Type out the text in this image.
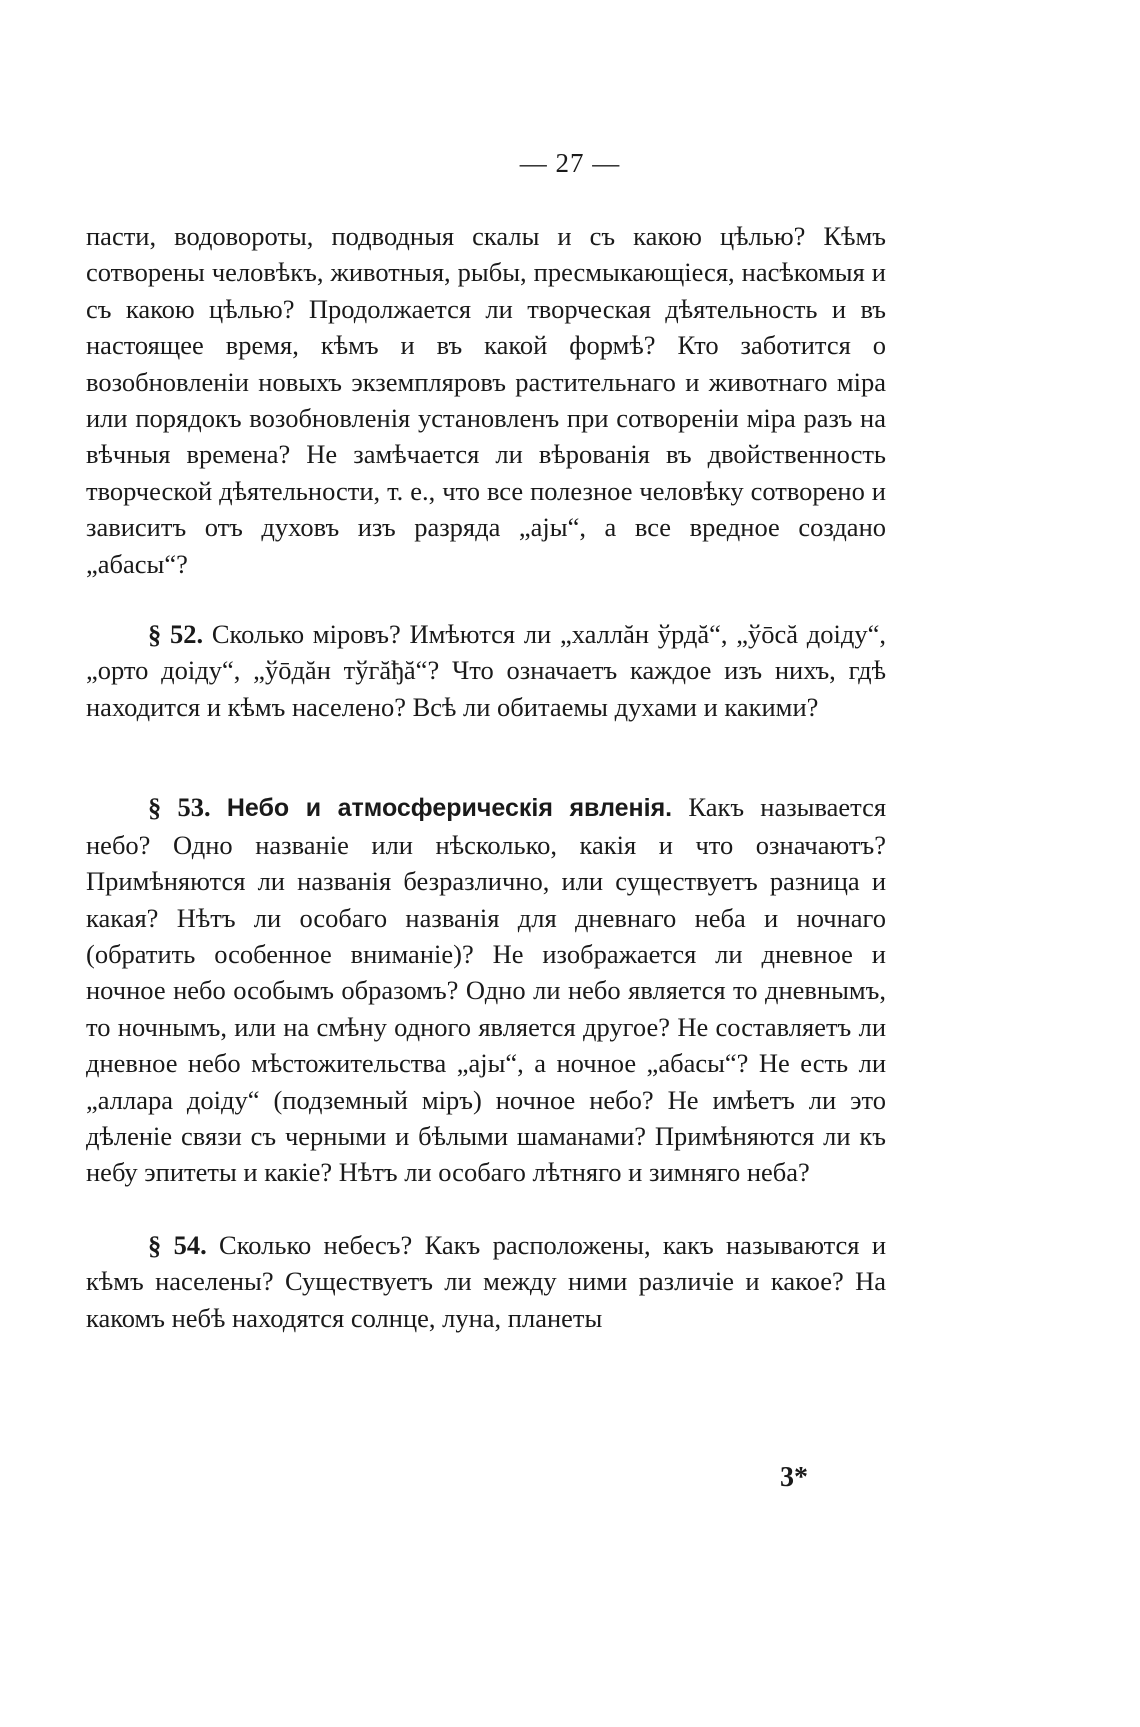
— 27 —

пасти, водовороты, подводныя скалы и съ какою цѣлью? Кѣмъ сотворены человѣкъ, животныя, рыбы, пресмыкающіеся, насѣкомыя и съ какою цѣлью? Продолжается ли творческая дѣятельность и въ настоящее время, кѣмъ и въ какой формѣ? Кто заботится о возобновленіи новыхъ экземпляровъ растительнаго и животнаго міра или порядокъ возобновленія установленъ при сотвореніи міра разъ на вѣчныя времена? Не замѣчается ли вѣрованія въ двойственность творческой дѣятельности, т. е., что все полезное человѣку сотворено и зависитъ отъ духовъ изъ разряда „ајы“, а все вредное создано „абасы“?

§ 52. Сколько міровъ? Имѣются ли „халлăн ўрдă“, „ўōсă доіду“, „орто доіду“, „ўōдăн тўгăђă“? Что означаетъ каждое изъ нихъ, гдѣ находится и кѣмъ населено? Всѣ ли обитаемы духами и какими?

§ 53. Небо и атмосферическія явленія. Какъ называется небо? Одно названіе или нѣсколько, какія и что означаютъ? Примѣняются ли названія безразлично, или существуетъ разница и какая? Нѣтъ ли особаго названія для дневнаго неба и ночнаго (обратить особенное вниманіе)? Не изображается ли дневное и ночное небо особымъ образомъ? Одно ли небо является то дневнымъ, то ночнымъ, или на смѣну одного является другое? Не составляетъ ли дневное небо мѣстожительства „ајы“, а ночное „абасы“? Не есть ли „аллара доіду“ (подземный міръ) ночное небо? Не имѣетъ ли это дѣленіе связи съ черными и бѣлыми шаманами? Примѣняются ли къ небу эпитеты и какіе? Нѣтъ ли особаго лѣтняго и зимняго неба?

§ 54. Сколько небесъ? Какъ расположены, какъ называются и кѣмъ населены? Существуетъ ли между ними различіе и какое? На какомъ небѣ находятся солнце, луна, планеты

3*
